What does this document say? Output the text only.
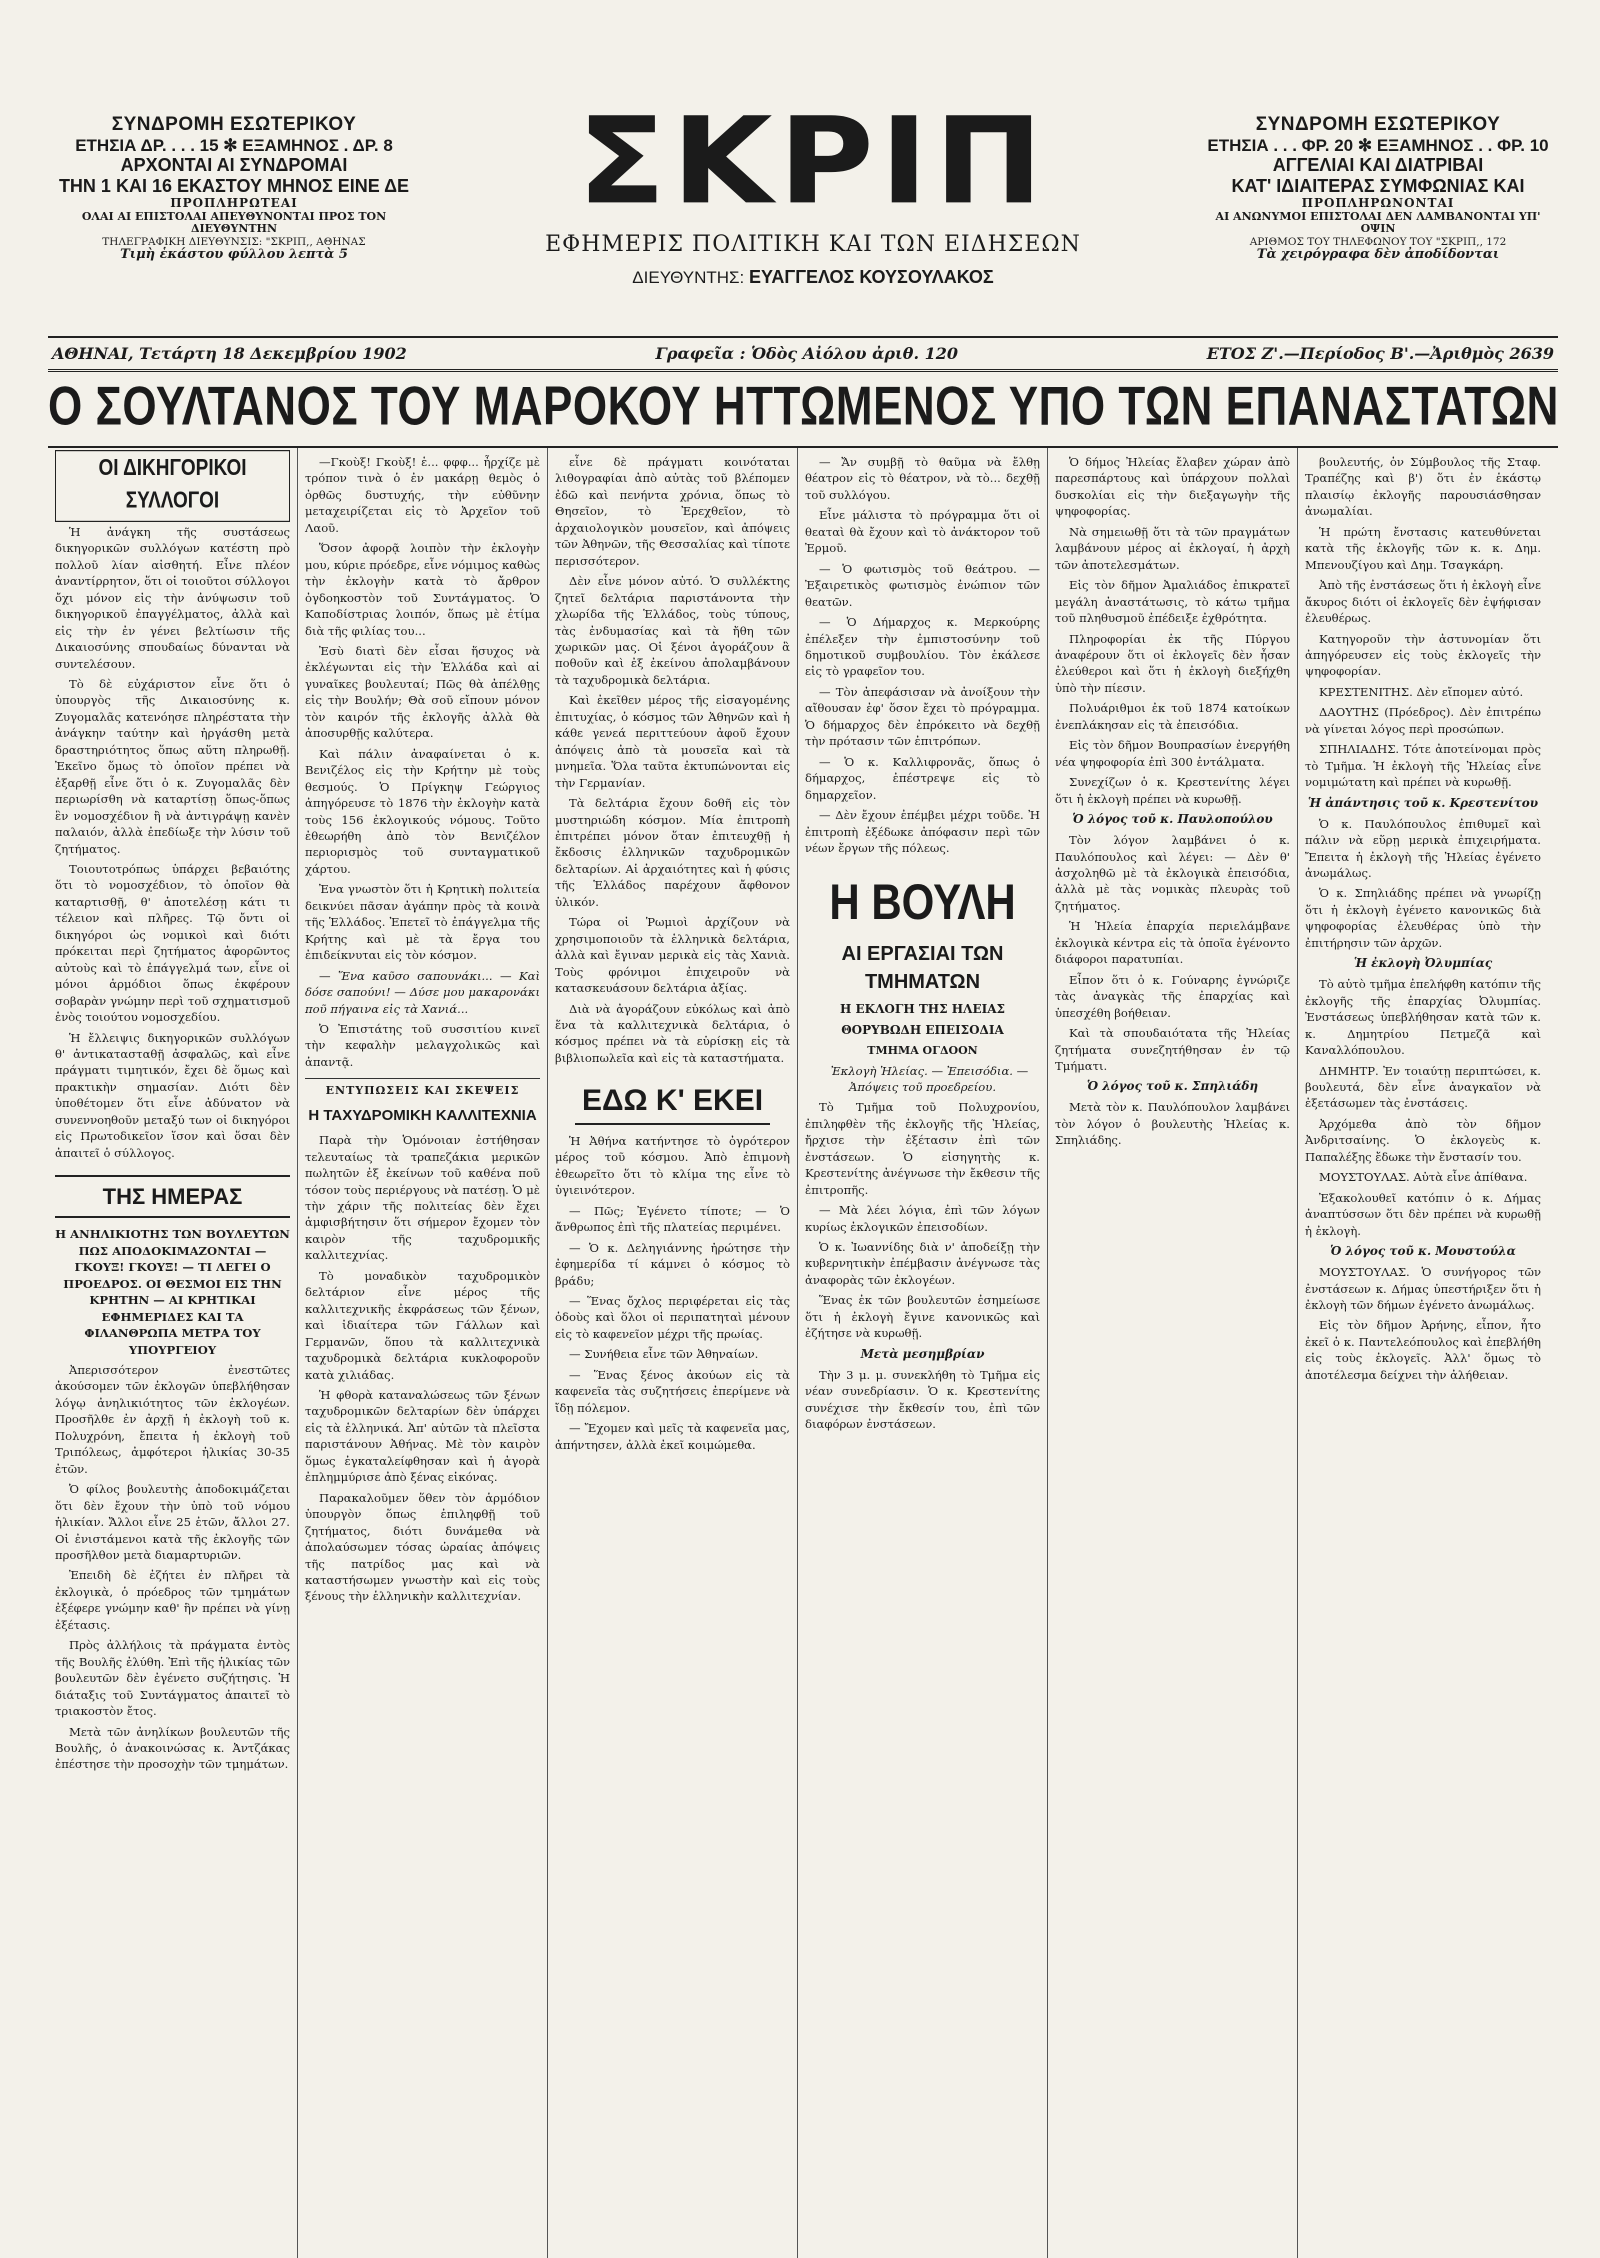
ΣΥΝΔΡΟΜΗ ΕΣΩΤΕΡΙΚΟΥ
ΕΤΗΣΙΑ ΔΡ. . . . 15 ✻ ΕΞΑΜΗΝΟΣ . ΔΡ. 8
ΑΡΧΟΝΤΑΙ ΑΙ ΣΥΝΔΡΟΜΑΙ
ΤΗΝ 1 ΚΑΙ 16 ΕΚΑΣΤΟΥ ΜΗΝΟΣ ΕΙΝΕ ΔΕ
ΠΡΟΠΛΗΡΩΤΕΑΙ
ΟΛΑΙ ΑΙ ΕΠΙΣΤΟΛΑΙ ΑΠΕΥΘΥΝΟΝΤΑΙ ΠΡΟΣ ΤΟΝ ΔΙΕΥΘΥΝΤΗΝ
ΤΗΛΕΓΡΑΦΙΚΗ ΔΙΕΥΘΥΝΣΙΣ: "ΣΚΡΙΠ,, ΑΘΗΝΑΣ
Τιμὴ ἑκάστου φύλλου λεπτὰ 5
ΣΚΡΙΠ
ΕΦΗΜΕΡΙΣ ΠΟΛΙΤΙΚΗ ΚΑΙ ΤΩΝ ΕΙΔΗΣΕΩΝ
ΔΙΕΥΘΥΝΤΗΣ: ΕΥΑΓΓΕΛΟΣ ΚΟΥΣΟΥΛΑΚΟΣ
ΣΥΝΔΡΟΜΗ ΕΣΩΤΕΡΙΚΟΥ
ΕΤΗΣΙΑ . . . ΦΡ. 20 ✻ ΕΞΑΜΗΝΟΣ . . ΦΡ. 10
ΑΓΓΕΛΙΑΙ ΚΑΙ ΔΙΑΤΡΙΒΑΙ
ΚΑΤ' ΙΔΙΑΙΤΕΡΑΣ ΣΥΜΦΩΝΙΑΣ ΚΑΙ
ΠΡΟΠΛΗΡΩΝΟΝΤΑΙ
ΑΙ ΑΝΩΝΥΜΟΙ ΕΠΙΣΤΟΛΑΙ ΔΕΝ ΛΑΜΒΑΝΟΝΤΑΙ ΥΠ' ΟΨΙΝ
ΑΡΙΘΜΟΣ ΤΟΥ ΤΗΛΕΦΩΝΟΥ ΤΟΥ "ΣΚΡΙΠ,, 172
Τὰ χειρόγραφα δὲν ἀποδίδονται
ΑΘΗΝΑΙ, Τετάρτη 18 Δεκεμβρίου 1902	Γραφεῖα : Ὁδὸς Αἰόλου ἀριθ. 120	ΕΤΟΣ Ζ'.—Περίοδος Β'.—Ἀριθμὸς 2639
Ο ΣΟΥΛΤΑΝΟΣ ΤΟΥ ΜΑΡΟΚΟΥ ΗΤΤΩΜΕΝΟΣ ΥΠΟ ΤΩΝ ΕΠΑΝΑΣΤΑΤΩΝ
ΟΙ ΔΙΚΗΓΟΡΙΚΟΙ ΣΥΛΛΟΓΟΙ

Ἡ ἀνάγκη τῆς συστάσεως δικηγορικῶν συλλόγων κατέστη πρὸ πολλοῦ λίαν αἰσθητή. Εἶνε πλέον ἀναντίρρητον, ὅτι οἱ τοιοῦτοι σύλλογοι ὄχι μόνον εἰς τὴν ἀνύψωσιν τοῦ δικηγορικοῦ ἐπαγγέλματος, ἀλλὰ καὶ εἰς τὴν ἐν γένει βελτίωσιν τῆς Δικαιοσύνης σπουδαίως δύνανται νὰ συντελέσουν.

Τὸ δὲ εὐχάριστον εἶνε ὅτι ὁ ὑπουργὸς τῆς Δικαιοσύνης κ. Ζυγομαλᾶς κατενόησε πληρέστατα τὴν ἀνάγκην ταύτην καὶ ἠργάσθη μετὰ δραστηριότητος ὅπως αὕτη πληρωθῇ. Ἐκεῖνο ὅμως τὸ ὁποῖον πρέπει νὰ ἐξαρθῇ εἶνε ὅτι ὁ κ. Ζυγομαλᾶς δὲν περιωρίσθη νὰ καταρτίσῃ ὅπως-ὅπως ἓν νομοσχέδιον ἢ νὰ ἀντιγράψῃ κανὲν παλαιόν, ἀλλὰ ἐπεδίωξε τὴν λύσιν τοῦ ζητήματος.

Τοιουτοτρόπως ὑπάρχει βεβαιότης ὅτι τὸ νομοσχέδιον, τὸ ὁποῖον θὰ καταρτισθῇ, θ' ἀποτελέσῃ κάτι τι τέλειον καὶ πλῆρες. Τῷ ὄντι οἱ δικηγόροι ὡς νομικοὶ καὶ διότι πρόκειται περὶ ζητήματος ἀφορῶντος αὐτοὺς καὶ τὸ ἐπάγγελμά των, εἶνε οἱ μόνοι ἁρμόδιοι ὅπως ἐκφέρουν σοβαρὰν γνώμην περὶ τοῦ σχηματισμοῦ ἑνὸς τοιούτου νομοσχεδίου.

Ἡ ἔλλειψις δικηγορικῶν συλλόγων θ' ἀντικατασταθῇ ἀσφαλῶς, καὶ εἶνε πράγματι τιμητικόν, ἔχει δὲ ὅμως καὶ πρακτικὴν σημασίαν. Διότι δὲν ὑποθέτομεν ὅτι εἶνε ἀδύνατον νὰ συνεννοηθοῦν μεταξύ των οἱ δικηγόροι εἰς Πρωτοδικεῖον ἵσον καὶ ὅσαι δὲν ἀπαιτεῖ ὁ σύλλογος.

ΤΗΣ ΗΜΕΡΑΣ
Η ΑΝΗΛΙΚΙΟΤΗΣ ΤΩΝ ΒΟΥΛΕΥΤΩΝ ΠΩΣ ΑΠΟΔΟΚΙΜΑΖΟΝΤΑΙ — ΓΚΟΥΞ! ΓΚΟΥΞ! — ΤΙ ΛΕΓΕΙ Ο ΠΡΟΕΔΡΟΣ. ΟΙ ΘΕΣΜΟΙ ΕΙΣ ΤΗΝ ΚΡΗΤΗΝ — ΑΙ ΚΡΗΤΙΚΑΙ ΕΦΗΜΕΡΙΔΕΣ ΚΑΙ ΤΑ ΦΙΛΑΝΘΡΩΠΑ ΜΕΤΡΑ ΤΟΥ ΥΠΟΥΡΓΕΙΟΥ

Ἀπερισσότερον ἐνεστῶτες ἀκούσομεν τῶν ἐκλογῶν ὑπεβλήθησαν λόγῳ ἀνηλικιότητος τῶν ἐκλογέων. Προσῆλθε ἐν ἀρχῇ ἡ ἐκλογὴ τοῦ κ. Πολυχρόνη, ἔπειτα ἡ ἐκλογὴ τοῦ Τριπόλεως, ἀμφότεροι ἡλικίας 30-35 ἐτῶν.

Ὁ φίλος βουλευτὴς ἀποδοκιμάζεται ὅτι δὲν ἔχουν τὴν ὑπὸ τοῦ νόμου ἡλικίαν. Ἄλλοι εἶνε 25 ἐτῶν, ἄλλοι 27. Οἱ ἐνιστάμενοι κατὰ τῆς ἐκλογῆς τῶν προσῆλθον μετὰ διαμαρτυριῶν.

Ἐπειδὴ δὲ ἐζήτει ἐν πλῆρει τὰ ἐκλογικὰ, ὁ πρόεδρος τῶν τμημάτων ἐξέφερε γνώμην καθ' ἣν πρέπει νὰ γίνῃ ἐξέτασις.

Πρὸς ἀλλήλοις τὰ πράγματα ἐντὸς τῆς Βουλῆς ἐλύθη. Ἐπὶ τῆς ἡλικίας τῶν βουλευτῶν δὲν ἐγένετο συζήτησις. Ἡ διάταξις τοῦ Συντάγματος ἀπαιτεῖ τὸ τριακοστὸν ἔτος.

Μετὰ τῶν ἀνηλίκων βουλευτῶν τῆς Βουλῆς, ὁ ἀνακοινώσας κ. Ἀντζάκας ἐπέστησε τὴν προσοχὴν τῶν τμημάτων.

—Γκοὺξ! Γκοὺξ! ἑ... φφφ... ἦρχίζε μὲ τρόπον τινὰ ὁ ἐν μακάρῃ θεμὸς ὁ ὀρθῶς δυστυχής, τὴν εὐθῦνην μεταχειρίζεται εἰς τὸ Ἀρχεῖον τοῦ Λαοῦ.

Ὅσον ἀφορᾷ λοιπὸν τὴν ἐκλογὴν μου, κύριε πρόεδρε, εἶνε νόμιμος καθὼς τὴν ἐκλογὴν κατὰ τὸ ἄρθρον ὀγδοηκοστὸν τοῦ Συντάγματος. Ὁ Καποδίστριας λοιπόν, ὅπως μὲ ἐτίμα διὰ τῆς φιλίας του...

Ἐσὺ διατὶ δὲν εἶσαι ἥσυχος νὰ ἐκλέγωνται εἰς τὴν Ἑλλάδα καὶ αἱ γυναῖκες βουλευταί; Πῶς θὰ ἀπέλθῃς εἰς τὴν Βουλήν; Θὰ σοῦ εἴπουν μόνον τὸν καιρόν τῆς ἐκλογῆς ἀλλὰ θὰ ἀποσυρθῇς καλύτερα.

Καὶ πάλιν ἀναφαίνεται ὁ κ. Βενιζέλος εἰς τὴν Κρήτην μὲ τοὺς θεσμούς. Ὁ Πρίγκηψ Γεώργιος ἀπηγόρευσε τὸ 1876 τὴν ἐκλογὴν κατὰ τοὺς 156 ἐκλογικούς νόμους. Τοῦτο ἐθεωρήθη ἀπὸ τὸν Βενιζέλον περιορισμὸς τοῦ συνταγματικοῦ χάρτου.

Ἐνα γνωστὸν ὅτι ἡ Κρητικὴ πολιτεία δεικνύει πᾶσαν ἀγάπην πρὸς τὰ κοινὰ τῆς Ἑλλάδος. Ἐπετεῖ τὸ ἐπάγγελμα τῆς Κρήτης καὶ μὲ τὰ ἔργα του ἐπιδείκνυται εἰς τὸν κόσμον.

— Ἕνα καῦσο σαπουνάκι... — Καὶ δόσε σαπούνι! — Δύσε μου μακαρονάκι ποῦ πήγαινα εἰς τὰ Χανιά...

Ὁ Ἐπιστάτης τοῦ συσσιτίου κινεῖ τὴν κεφαλὴν μελαγχολικῶς καὶ ἀπαντᾷ.

ΕΝΤΥΠΩΣΕΙΣ ΚΑΙ ΣΚΕΨΕΙΣ
Η ΤΑΧΥΔΡΟΜΙΚΗ ΚΑΛΛΙΤΕΧΝΙΑ

Παρὰ τὴν Ὁμόνοιαν ἐστήθησαν τελευταίως τὰ τραπεζάκια μερικῶν πωλητῶν ἐξ ἐκείνων τοῦ καθένα ποῦ τόσον τοὺς περιέργους νὰ πατέσῃ. Ὁ μὲ τὴν χάριν τῆς πολιτείας δὲν ἔχει ἀμφισβήτησιν ὅτι σήμερον ἔχομεν τὸν καιρὸν τῆς ταχυδρομικῆς καλλιτεχνίας.

Τὸ μοναδικὸν ταχυδρομικὸν δελτάριον εἶνε μέρος τῆς καλλιτεχνικῆς ἐκφράσεως τῶν ξένων, καὶ ἰδιαίτερα τῶν Γάλλων καὶ Γερμανῶν, ὅπου τὰ καλλιτεχνικὰ ταχυδρομικὰ δελτάρια κυκλοφοροῦν κατὰ χιλιάδας.

Ἡ φθορὰ καταναλώσεως τῶν ξένων ταχυδρομικῶν δελταρίων δὲν ὑπάρχει εἰς τὰ ἑλληνικά. Ἀπ' αὐτῶν τὰ πλεῖστα παριστάνουν Ἀθήνας. Μὲ τὸν καιρὸν ὅμως ἐγκαταλείφθησαν καὶ ἡ ἀγορὰ ἐπλημμύρισε ἀπὸ ξένας εἰκόνας.

Παρακαλοῦμεν ὅθεν τὸν ἁρμόδιον ὑπουργὸν ὅπως ἐπιληφθῇ τοῦ ζητήματος, διότι δυνάμεθα νὰ ἀπολαύσωμεν τόσας ὡραίας ἀπόψεις τῆς πατρίδος μας καὶ νὰ καταστήσωμεν γνωστὴν καὶ εἰς τοὺς ξένους τὴν ἑλληνικὴν καλλιτεχνίαν.

εἶνε δὲ πράγματι κοινόταται λιθογραφίαι ἀπὸ αὐτὰς τοῦ βλέπομεν ἐδῶ καὶ πενήντα χρόνια, ὅπως τὸ Θησεῖον, τὸ Ἐρεχθεῖον, τὸ ἀρχαιολογικὸν μουσεῖον, καὶ ἀπόψεις τῶν Ἀθηνῶν, τῆς Θεσσαλίας καὶ τίποτε περισσότερον.

Δὲν εἶνε μόνον αὐτό. Ὁ συλλέκτης ζητεῖ δελτάρια παριστάνοντα τὴν χλωρίδα τῆς Ἑλλάδος, τοὺς τύπους, τὰς ἐνδυμασίας καὶ τὰ ἤθη τῶν χωρικῶν μας. Οἱ ξένοι ἀγοράζουν ἃ ποθοῦν καὶ ἐξ ἐκείνου ἀπολαμβάνουν τὰ ταχυδρομικὰ δελτάρια.

Καὶ ἐκεῖθεν μέρος τῆς εἰσαγομένης ἐπιτυχίας, ὁ κόσμος τῶν Ἀθηνῶν καὶ ἡ κάθε γενεά περιττεύουν ἀφοῦ ἔχουν ἀπόψεις ἀπὸ τὰ μουσεῖα καὶ τὰ μνημεῖα. Ὅλα ταῦτα ἐκτυπώνονται εἰς τὴν Γερμανίαν.

Τὰ δελτάρια ἔχουν δοθῆ εἰς τὸν μυστηριώδη κόσμον. Μία ἐπιτροπὴ ἐπιτρέπει μόνον ὅταν ἐπιτευχθῇ ἡ ἔκδοσις ἑλληνικῶν ταχυδρομικῶν δελταρίων. Αἱ ἀρχαιότητες καὶ ἡ φύσις τῆς Ἑλλάδος παρέχουν ἄφθονον ὑλικόν.

Τώρα οἱ Ῥωμιοὶ ἀρχίζουν νὰ χρησιμοποιοῦν τὰ ἑλληνικὰ δελτάρια, ἀλλὰ καὶ ἔγιναν μερικὰ εἰς τὰς Χανιὰ. Τοὺς φρόνιμοι ἐπιχειροῦν νὰ κατασκευάσουν δελτάρια ἀξίας.

Διὰ νὰ ἀγοράζουν εὐκόλως καὶ ἀπὸ ἕνα τὰ καλλιτεχνικὰ δελτάρια, ὁ κόσμος πρέπει νὰ τὰ εὑρίσκῃ εἰς τὰ βιβλιοπωλεῖα καὶ εἰς τὰ καταστήματα.

ΕΔΩ Κ' ΕΚΕΙ

Ἡ Ἀθήνα κατήντησε τὸ ὀγρότερον μέρος τοῦ κόσμου. Ἀπὸ ἐπιμονὴ ἐθεωρεῖτο ὅτι τὸ κλίμα της εἶνε τὸ ὑγιεινότερον.

— Πῶς; Ἐγένετο τίποτε; — Ὁ ἄνθρωπος ἐπὶ τῆς πλατείας περιμένει.

— Ὁ κ. Δεληγιάννης ἠρώτησε τὴν ἐφημερίδα τί κάμνει ὁ κόσμος τὸ βράδυ;

— Ἕνας ὄχλος περιφέρεται εἰς τὰς ὁδοὺς καὶ ὅλοι οἱ περιπατηταὶ μένουν εἰς τὸ καφενεῖον μέχρι τῆς πρωίας.

— Συνήθεια εἶνε τῶν Ἀθηναίων.

— Ἕνας ξένος ἀκούων εἰς τὰ καφενεῖα τὰς συζητήσεις ἐπερίμενε νὰ ἴδῃ πόλεμον.

— Ἔχομεν καὶ μεῖς τὰ καφενεῖα μας, ἀπήντησεν, ἀλλὰ ἐκεῖ κοιμώμεθα.

— Ἄν συμβῇ τὸ θαῦμα νὰ ἔλθῃ θέατρον εἰς τὸ θέατρον, νὰ τὸ... δεχθῇ τοῦ συλλόγου.

Εἶνε μάλιστα τὸ πρόγραμμα ὅτι οἱ θεαταὶ θὰ ἔχουν καὶ τὸ ἀνάκτορον τοῦ Ἐρμοῦ.

— Ὁ φωτισμὸς τοῦ θεάτρου. — Ἐξαιρετικὸς φωτισμὸς ἐνώπιον τῶν θεατῶν.

— Ὁ Δήμαρχος κ. Μερκούρης ἐπέλεξεν τὴν ἐμπιστοσύνην τοῦ δημοτικοῦ συμβουλίου. Τὸν ἐκάλεσε εἰς τὸ γραφεῖον του.

— Τὸν ἀπεφάσισαν νὰ ἀνοίξουν τὴν αἴθουσαν ἐφ' ὅσον ἔχει τὸ πρόγραμμα. Ὁ δήμαρχος δὲν ἐπρόκειτο νὰ δεχθῇ τὴν πρότασιν τῶν ἐπιτρόπων.

— Ὁ κ. Καλλιφρονᾶς, ὅπως ὁ δήμαρχος, ἐπέστρεψε εἰς τὸ δημαρχεῖον.

— Δὲν ἔχουν ἐπέμβει μέχρι τοῦδε. Ἠ ἐπιτροπὴ ἐξέδωκε ἀπόφασιν περὶ τῶν νέων ἔργων τῆς πόλεως.

Η ΒΟΥΛΗ
ΑΙ ΕΡΓΑΣΙΑΙ ΤΩΝ ΤΜΗΜΑΤΩΝ
Η ΕΚΛΟΓΗ ΤΗΣ ΗΛΕΙΑΣ
ΘΟΡΥΒΩΔΗ ΕΠΕΙΣΟΔΙΑ
ΤΜΗΜΑ ΟΓΔΟΟΝ

Ἐκλογὴ Ἠλείας. — Ἐπεισόδια. — Ἀπόψεις τοῦ προεδρείου.

Τὸ Τμῆμα τοῦ Πολυχρονίου, ἐπιληφθὲν τῆς ἐκλογῆς τῆς Ἠλείας, ἤρχισε τὴν ἐξέτασιν ἐπὶ τῶν ἐνστάσεων. Ὁ εἰσηγητὴς κ. Κρεστενίτης ἀνέγνωσε τὴν ἔκθεσιν τῆς ἐπιτροπῆς.

— Μὰ λέει λόγια, ἐπὶ τῶν λόγων κυρίως ἐκλογικῶν ἐπεισοδίων.

Ὁ κ. Ἰωαννίδης διὰ ν' ἀποδείξῃ τὴν κυβερνητικὴν ἐπέμβασιν ἀνέγνωσε τὰς ἀναφορὰς τῶν ἐκλογέων.

Ἕνας ἐκ τῶν βουλευτῶν ἐσημείωσε ὅτι ἡ ἐκλογὴ ἔγινε κανονικῶς καὶ ἐζήτησε νὰ κυρωθῇ.

Μετὰ μεσημβρίαν

Τὴν 3 μ. μ. συνεκλήθη τὸ Τμῆμα εἰς νέαν συνεδρίασιν. Ὁ κ. Κρεστενίτης συνέχισε τὴν ἔκθεσίν του, ἐπὶ τῶν διαφόρων ἐνστάσεων.

Ὁ δήμος Ἠλείας ἔλαβεν χώραν ἀπὸ παρεσπάρτους καὶ ὑπάρχουν πολλαὶ δυσκολίαι εἰς τὴν διεξαγωγὴν τῆς ψηφοφορίας.

Νὰ σημειωθῇ ὅτι τὰ τῶν πραγμάτων λαμβάνουν μέρος αἱ ἐκλογαί, ἡ ἀρχὴ τῶν ἀποτελεσμάτων.

Εἰς τὸν δῆμον Ἀμαλιάδος ἐπικρατεῖ μεγάλη ἀναστάτωσις, τὸ κάτω τμῆμα τοῦ πληθυσμοῦ ἐπέδειξε ἐχθρότητα.

Πληροφορίαι ἐκ τῆς Πύργου ἀναφέρουν ὅτι οἱ ἐκλογεῖς δὲν ἦσαν ἐλεύθεροι καὶ ὅτι ἡ ἐκλογὴ διεξήχθη ὑπὸ τὴν πίεσιν.

Πολυάριθμοι ἐκ τοῦ 1874 κατοίκων ἐνεπλάκησαν εἰς τὰ ἐπεισόδια.

Εἰς τὸν δῆμον Βουπρασίων ἐνεργήθη νέα ψηφοφορία ἐπὶ 300 ἐντάλματα.

Συνεχίζων ὁ κ. Κρεστενίτης λέγει ὅτι ἡ ἐκλογὴ πρέπει νὰ κυρωθῇ.

Ὁ λόγος τοῦ κ. Παυλοπούλου

Τὸν λόγον λαμβάνει ὁ κ. Παυλόπουλος καὶ λέγει: — Δὲν θ' ἀσχοληθῶ μὲ τὰ ἐκλογικὰ ἐπεισόδια, ἀλλὰ μὲ τὰς νομικὰς πλευρὰς τοῦ ζητήματος.

Ἡ Ἠλεία ἐπαρχία περιελάμβανε ἐκλογικὰ κέντρα εἰς τὰ ὁποῖα ἐγένοντο διάφοροι παρατυπίαι.

Εἶπον ὅτι ὁ κ. Γούναρης ἐγνώριζε τὰς ἀναγκὰς τῆς ἐπαρχίας καὶ ὑπεσχέθη βοήθειαν.

Καὶ τὰ σπουδαιότατα τῆς Ἠλείας ζητήματα συνεζητήθησαν ἐν τῷ Τμήματι.

Ὁ λόγος τοῦ κ. Σπηλιάδη

Μετὰ τὸν κ. Παυλόπουλον λαμβάνει τὸν λόγον ὁ βουλευτὴς Ἠλείας κ. Σπηλιάδης.

βουλευτής, ὁν Σύμβουλος τῆς Σταφ. Τραπέζης καὶ β') ὅτι ἐν ἑκάστῳ πλαισίῳ ἐκλογῆς παρουσιάσθησαν ἀνωμαλίαι.

Ἡ πρώτη ἔνστασις κατευθύνεται κατὰ τῆς ἐκλογῆς τῶν κ. κ. Δημ. Μπενουζίγου καὶ Δημ. Τσαγκάρη.

Ἀπὸ τῆς ἐνστάσεως ὅτι ἡ ἐκλογὴ εἶνε ἄκυρος διότι οἱ ἐκλογεῖς δὲν ἐψήφισαν ἐλευθέρως.

Κατηγοροῦν τὴν ἀστυνομίαν ὅτι ἀπηγόρευσεν εἰς τοὺς ἐκλογεῖς τὴν ψηφοφορίαν.

ΚΡΕΣΤΕΝΙΤΗΣ. Δὲν εἴπομεν αὐτό.

ΔΑΟΥΤΗΣ (Πρόεδρος). Δὲν ἐπιτρέπω νὰ γίνεται λόγος περὶ προσώπων.

ΣΠΗΛΙΑΔΗΣ. Τότε ἀποτείνομαι πρὸς τὸ Τμῆμα. Ἡ ἐκλογὴ τῆς Ἠλείας εἶνε νομιμώτατη καὶ πρέπει νὰ κυρωθῇ.

Ἡ ἀπάντησις τοῦ κ. Κρεστενίτου

Ὁ κ. Παυλόπουλος ἐπιθυμεῖ καὶ πάλιν νὰ εὕρῃ μερικὰ ἐπιχειρήματα. Ἔπειτα ἡ ἐκλογὴ τῆς Ἠλείας ἐγένετο ἀνωμάλως.

Ὁ κ. Σπηλιάδης πρέπει νὰ γνωρίζῃ ὅτι ἡ ἐκλογὴ ἐγένετο κανονικῶς διὰ ψηφοφορίας ἐλευθέρας ὑπὸ τὴν ἐπιτήρησιν τῶν ἀρχῶν.

Ἡ ἐκλογὴ Ὀλυμπίας

Τὸ αὐτὸ τμῆμα ἐπελήφθη κατόπιν τῆς ἐκλογῆς τῆς ἐπαρχίας Ὀλυμπίας. Ἐνστάσεως ὑπεβλήθησαν κατὰ τῶν κ. κ. Δημητρίου Πετμεζᾶ καὶ Καναλλόπουλου.

ΔΗΜΗΤΡ. Ἐν τοιαύτῃ περιπτώσει, κ. βουλευτά, δὲν εἶνε ἀναγκαῖον νὰ ἐξετάσωμεν τὰς ἐνστάσεις.

Ἀρχόμεθα ἀπὸ τὸν δῆμον Ἀνδριτσαίνης. Ὁ ἐκλογεὺς κ. Παπαλέξης ἔδωκε τὴν ἔνστασίν του.

ΜΟΥΣΤΟΥΛΑΣ. Αὐτὰ εἶνε ἀπίθανα.

Ἐξακολουθεῖ κατόπιν ὁ κ. Δήμας ἀναπτύσσων ὅτι δὲν πρέπει νὰ κυρωθῇ ἡ ἐκλογὴ.

Ὁ λόγος τοῦ κ. Μουστούλα

ΜΟΥΣΤΟΥΛΑΣ. Ὁ συνήγορος τῶν ἐνστάσεων κ. Δήμας ὑπεστήριξεν ὅτι ἡ ἐκλογὴ τῶν δήμων ἐγένετο ἀνωμάλως.

Εἰς τὸν δῆμον Ἀρήνης, εἶπον, ἦτο ἐκεῖ ὁ κ. Παντελεόπουλος καὶ ἐπεβλήθη εἰς τοὺς ἐκλογεῖς. Ἀλλ' ὅμως τὸ ἀποτέλεσμα δείχνει τὴν ἀλήθειαν.
